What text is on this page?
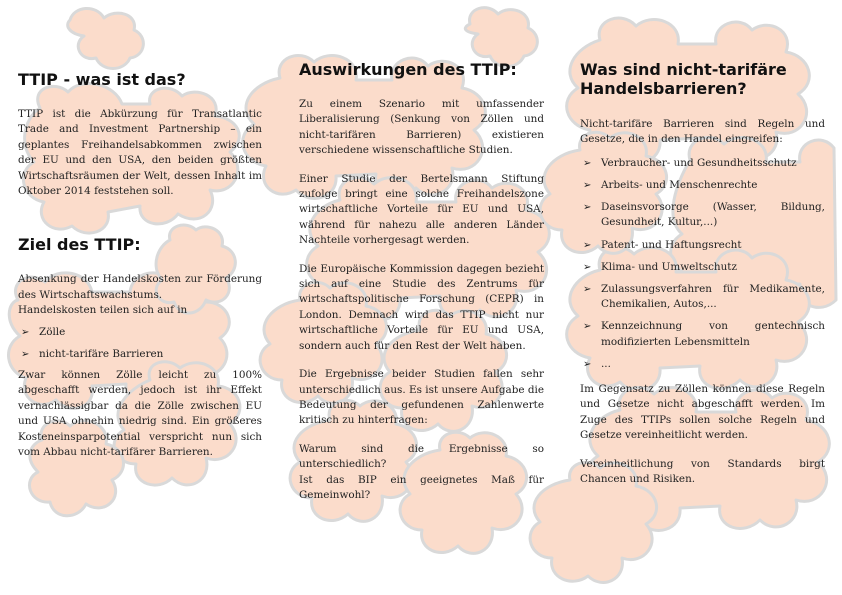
TTIP - was ist das?

TTIP ist die Abkürzung für Transatlantic Trade and Investment Partnership – ein geplantes Freihandelsabkommen zwischen der EU und den USA, den beiden größten Wirtschaftsräumen der Welt, dessen Inhalt im Oktober 2014 feststehen soll.

Ziel des TTIP:

Absenkung der Handelskosten zur Förderung des Wirtschaftswachstums.

Handelskosten teilen sich auf in

➢ Zölle
➢ nicht-tarifäre Barrieren

Zwar können Zölle leicht zu 100% abgeschafft werden, jedoch ist ihr Effekt vernachlässigbar da die Zölle zwischen EU und USA ohnehin niedrig sind. Ein größeres Kosteneinsparpotential verspricht nun sich vom Abbau nicht-tarifärer Barrieren.

Auswirkungen des TTIP:

Zu einem Szenario mit umfassender Liberalisierung (Senkung von Zöllen und nicht-tarifären Barrieren) existieren verschiedene wissenschaftliche Studien.

Einer Studie der Bertelsmann Stiftung zufolge bringt eine solche Freihandelszone wirtschaftliche Vorteile für EU und USA, während für nahezu alle anderen Länder Nachteile vorhergesagt werden.

Die Europäische Kommission dagegen bezieht sich auf eine Studie des Zentrums für wirtschaftspolitische Forschung (CEPR) in London. Demnach wird das TTIP nicht nur wirtschaftliche Vorteile für EU und USA, sondern auch für den Rest der Welt haben.

Die Ergebnisse beider Studien fallen sehr unterschiedlich aus. Es ist unsere Aufgabe die Bedeutung der gefundenen Zahlenwerte kritisch zu hinterfragen:

Warum sind die Ergebnisse so unterschiedlich?

Ist das BIP ein geeignetes Maß für Gemeinwohl?

Was sind nicht-tarifäre Handelsbarrieren?

Nicht-tarifäre Barrieren sind Regeln und Gesetze, die in den Handel eingreifen:

➢ Verbraucher- und Gesundheitsschutz
➢ Arbeits- und Menschenrechte
➢ Daseinsvorsorge (Wasser, Bildung, Gesundheit, Kultur,...)
➢ Patent- und Haftungsrecht
➢ Klima- und Umweltschutz
➢ Zulassungsverfahren für Medikamente, Chemikalien, Autos,...
➢ Kennzeichnung von gentechnisch modifizierten Lebensmitteln
➢ ...

Im Gegensatz zu Zöllen können diese Regeln und Gesetze nicht abgeschafft werden. Im Zuge des TTIPs sollen solche Regeln und Gesetze vereinheitlicht werden.

Vereinheitlichung von Standards birgt Chancen und Risiken.
